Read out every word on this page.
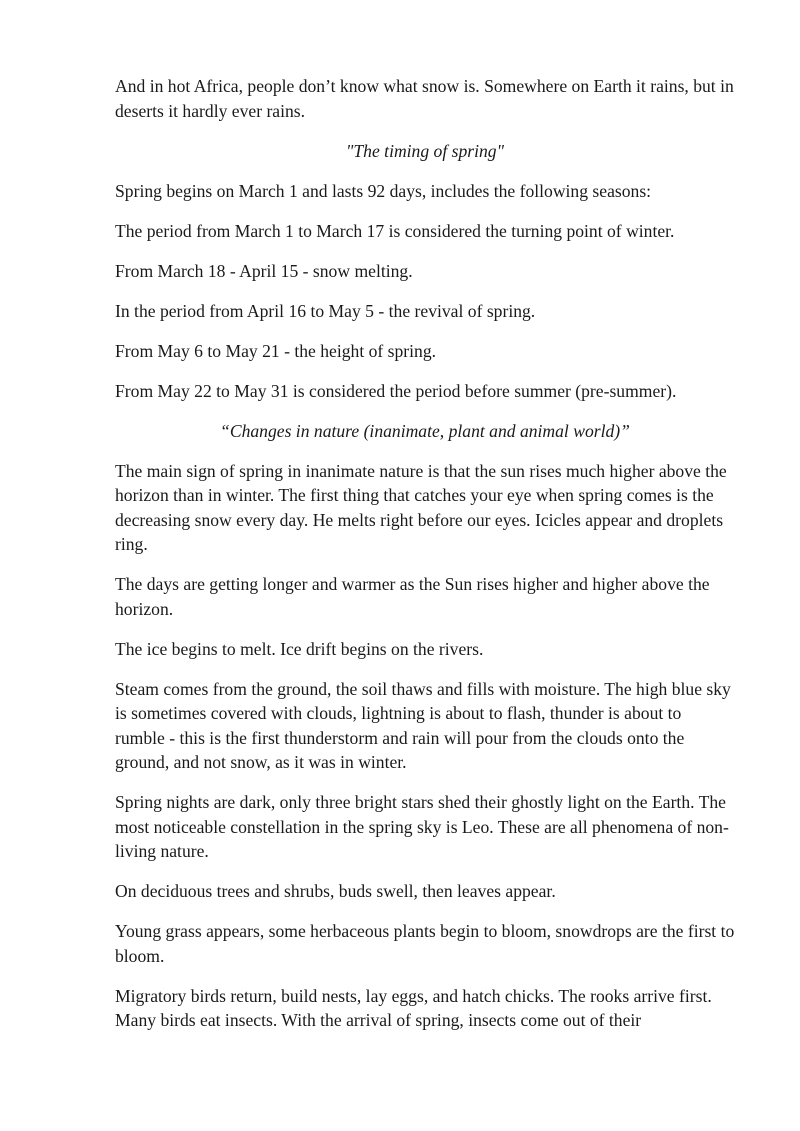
And in hot Africa, people don’t know what snow is. Somewhere on Earth it rains, but in deserts it hardly ever rains.

"The timing of spring"

Spring begins on March 1 and lasts 92 days, includes the following seasons:

The period from March 1 to March 17 is considered the turning point of winter.

From March 18 - April 15 - snow melting.

In the period from April 16 to May 5 - the revival of spring.

From May 6 to May 21 - the height of spring.

From May 22 to May 31 is considered the period before summer (pre-summer).

“Changes in nature (inanimate, plant and animal world)”

The main sign of spring in inanimate nature is that the sun rises much higher above the horizon than in winter. The first thing that catches your eye when spring comes is the decreasing snow every day. He melts right before our eyes. Icicles appear and droplets ring.

The days are getting longer and warmer as the Sun rises higher and higher above the horizon.

The ice begins to melt. Ice drift begins on the rivers.

Steam comes from the ground, the soil thaws and fills with moisture. The high blue sky is sometimes covered with clouds, lightning is about to flash, thunder is about to rumble - this is the first thunderstorm and rain will pour from the clouds onto the ground, and not snow, as it was in winter.

Spring nights are dark, only three bright stars shed their ghostly light on the Earth. The most noticeable constellation in the spring sky is Leo. These are all phenomena of non-living nature.

On deciduous trees and shrubs, buds swell, then leaves appear.

Young grass appears, some herbaceous plants begin to bloom, snowdrops are the first to bloom.

Migratory birds return, build nests, lay eggs, and hatch chicks. The rooks arrive first. Many birds eat insects. With the arrival of spring, insects come out of their
